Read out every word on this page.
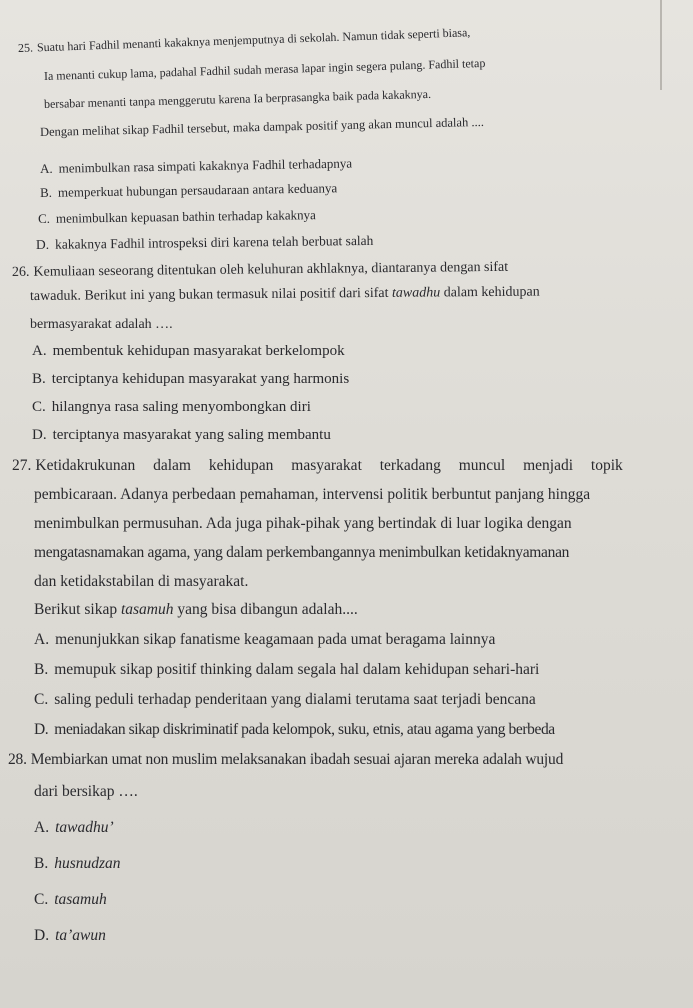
25. Suatu hari Fadhil menanti kakaknya menjemputnya di sekolah. Namun tidak seperti biasa,
Ia menanti cukup lama, padahal Fadhil sudah merasa lapar ingin segera pulang. Fadhil tetap
bersabar menanti tanpa menggerutu karena Ia berprasangka baik pada kakaknya.
Dengan melihat sikap Fadhil tersebut, maka dampak positif yang akan muncul adalah ....
A. menimbulkan rasa simpati kakaknya Fadhil terhadapnya
B. memperkuat hubungan persaudaraan antara keduanya
C. menimbulkan kepuasan bathin terhadap kakaknya
D. kakaknya Fadhil introspeksi diri karena telah berbuat salah
26. Kemuliaan seseorang ditentukan oleh keluhuran akhlaknya, diantaranya dengan sifat
tawaduk. Berikut ini yang bukan termasuk nilai positif dari sifat tawadhu dalam kehidupan
bermasyarakat adalah ….
A. membentuk kehidupan masyarakat berkelompok
B. terciptanya kehidupan masyarakat yang harmonis
C. hilangnya rasa saling menyombongkan diri
D. terciptanya masyarakat yang saling membantu
27. Ketidakrukunan dalam kehidupan masyarakat terkadang muncul menjadi topik
pembicaraan. Adanya perbedaan pemahaman, intervensi politik berbuntut panjang hingga
menimbulkan permusuhan. Ada juga pihak-pihak yang bertindak di luar logika dengan
mengatasnamakan agama, yang dalam perkembangannya menimbulkan ketidaknyamanan
dan ketidakstabilan di masyarakat.
Berikut sikap tasamuh yang bisa dibangun adalah....
A. menunjukkan sikap fanatisme keagamaan pada umat beragama lainnya
B. memupuk sikap positif thinking dalam segala hal dalam kehidupan sehari-hari
C. saling peduli terhadap penderitaan yang dialami terutama saat terjadi bencana
D. meniadakan sikap diskriminatif pada kelompok, suku, etnis, atau agama yang berbeda
28. Membiarkan umat non muslim melaksanakan ibadah sesuai ajaran mereka adalah wujud
dari bersikap ….
A. tawadhu’
B. husnudzan
C. tasamuh
D. ta’awun
